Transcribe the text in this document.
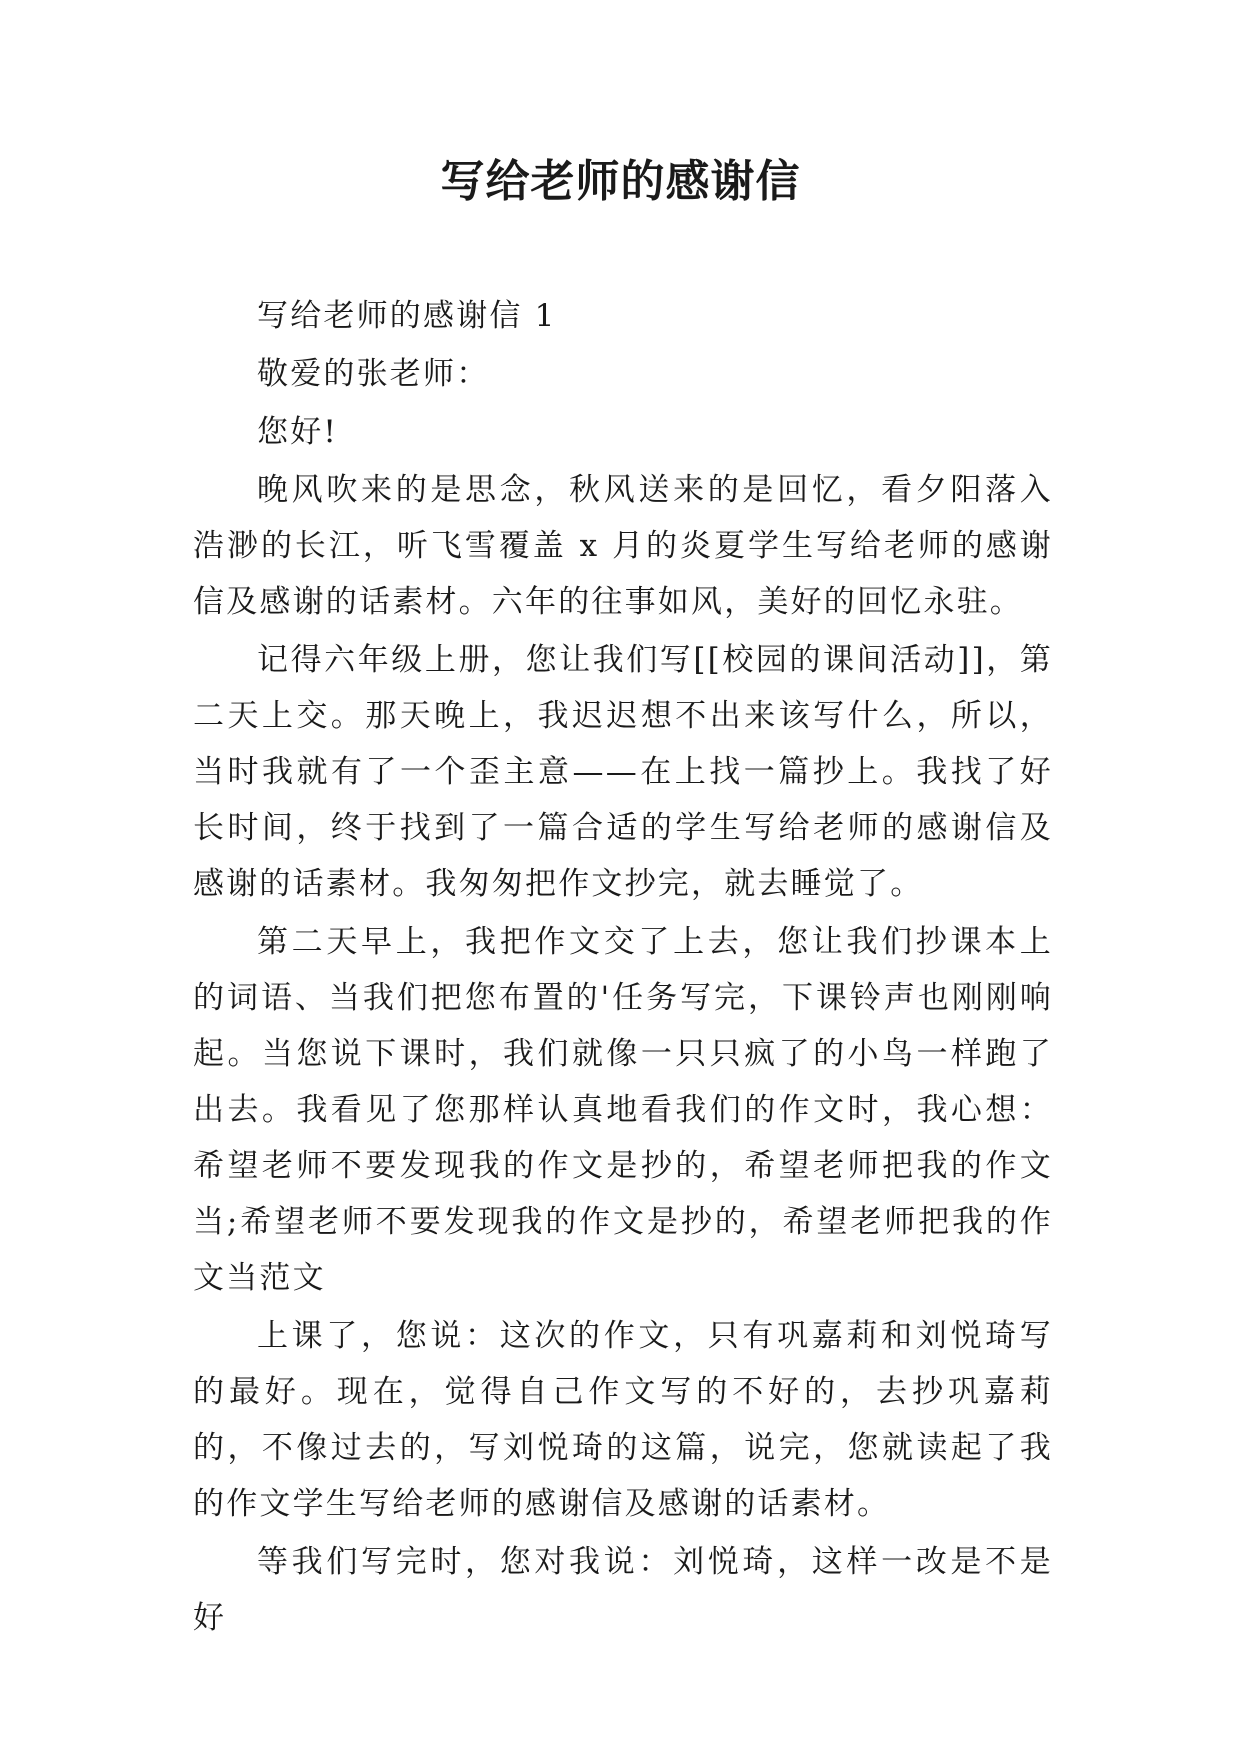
写给老师的感谢信

写给老师的感谢信 1

敬爱的张老师：

您好!

晚风吹来的是思念，秋风送来的是回忆，看夕阳落入浩渺的长江，听飞雪覆盖 x 月的炎夏学生写给老师的感谢信及感谢的话素材。六年的往事如风，美好的回忆永驻。

记得六年级上册，您让我们写[[校园的课间活动]]，第二天上交。那天晚上，我迟迟想不出来该写什么，所以，当时我就有了一个歪主意——在上找一篇抄上。我找了好长时间，终于找到了一篇合适的学生写给老师的感谢信及感谢的话素材。我匆匆把作文抄完，就去睡觉了。

第二天早上，我把作文交了上去，您让我们抄课本上的词语、当我们把您布置的'任务写完，下课铃声也刚刚响起。当您说下课时，我们就像一只只疯了的小鸟一样跑了出去。我看见了您那样认真地看我们的作文时，我心想：希望老师不要发现我的作文是抄的，希望老师把我的作文当;希望老师不要发现我的作文是抄的，希望老师把我的作文当范文

上课了，您说：这次的作文，只有巩嘉莉和刘悦琦写的最好。现在，觉得自己作文写的不好的，去抄巩嘉莉的，不像过去的，写刘悦琦的这篇，说完，您就读起了我的作文学生写给老师的感谢信及感谢的话素材。

等我们写完时，您对我说：刘悦琦，这样一改是不是好
